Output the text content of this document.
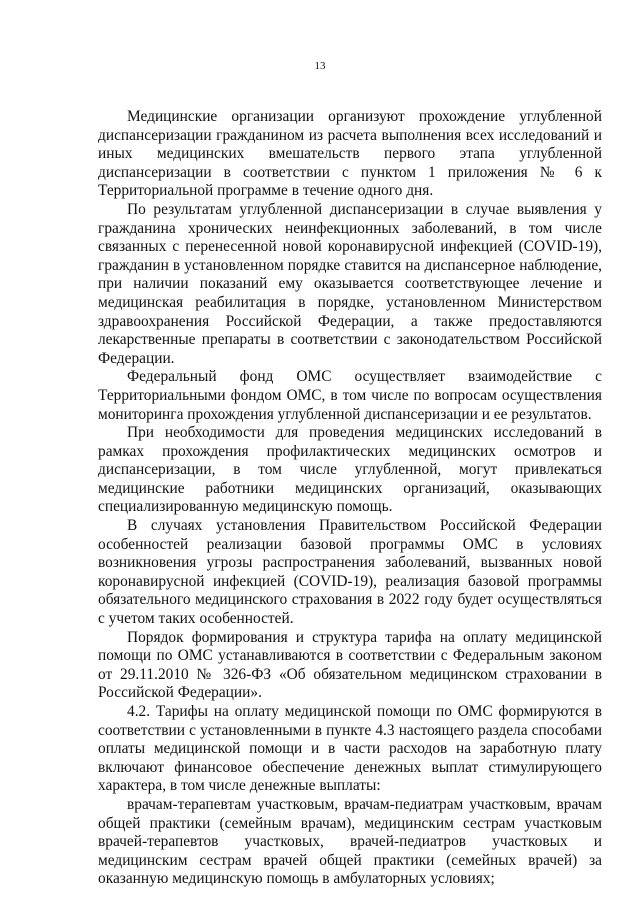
13

Медицинские организации организуют прохождение углубленной диспансеризации гражданином из расчета выполнения всех исследований и иных медицинских вмешательств первого этапа углубленной диспансеризации в соответствии с пунктом 1 приложения № 6 к Территориальной программе в течение одного дня.

По результатам углубленной диспансеризации в случае выявления у гражданина хронических неинфекционных заболеваний, в том числе связанных с перенесенной новой коронавирусной инфекцией (COVID-19), гражданин в установленном порядке ставится на диспансерное наблюдение, при наличии показаний ему оказывается соответствующее лечение и медицинская реабилитация в порядке, установленном Министерством здравоохранения Российской Федерации, а также предоставляются лекарственные препараты в соответствии с законодательством Российской Федерации.

Федеральный фонд ОМС осуществляет взаимодействие с Территориальными фондом ОМС, в том числе по вопросам осуществления мониторинга прохождения углубленной диспансеризации и ее результатов.

При необходимости для проведения медицинских исследований в рамках прохождения профилактических медицинских осмотров и диспансеризации, в том числе углубленной, могут привлекаться медицинские работники медицинских организаций, оказывающих специализированную медицинскую помощь.

В случаях установления Правительством Российской Федерации особенностей реализации базовой программы ОМС в условиях возникновения угрозы распространения заболеваний, вызванных новой коронавирусной инфекцией (COVID-19), реализация базовой программы обязательного медицинского страхования в 2022 году будет осуществляться с учетом таких особенностей.

Порядок формирования и структура тарифа на оплату медицинской помощи по ОМС устанавливаются в соответствии с Федеральным законом от 29.11.2010 № 326-ФЗ «Об обязательном медицинском страховании в Российской Федерации».

4.2. Тарифы на оплату медицинской помощи по ОМС формируются в соответствии с установленными в пункте 4.3 настоящего раздела способами оплаты медицинской помощи и в части расходов на заработную плату включают финансовое обеспечение денежных выплат стимулирующего характера, в том числе денежные выплаты:

врачам-терапевтам участковым, врачам-педиатрам участковым, врачам общей практики (семейным врачам), медицинским сестрам участковым врачей-терапевтов участковых, врачей-педиатров участковых и медицинским сестрам врачей общей практики (семейных врачей) за оказанную медицинскую помощь в амбулаторных условиях;
